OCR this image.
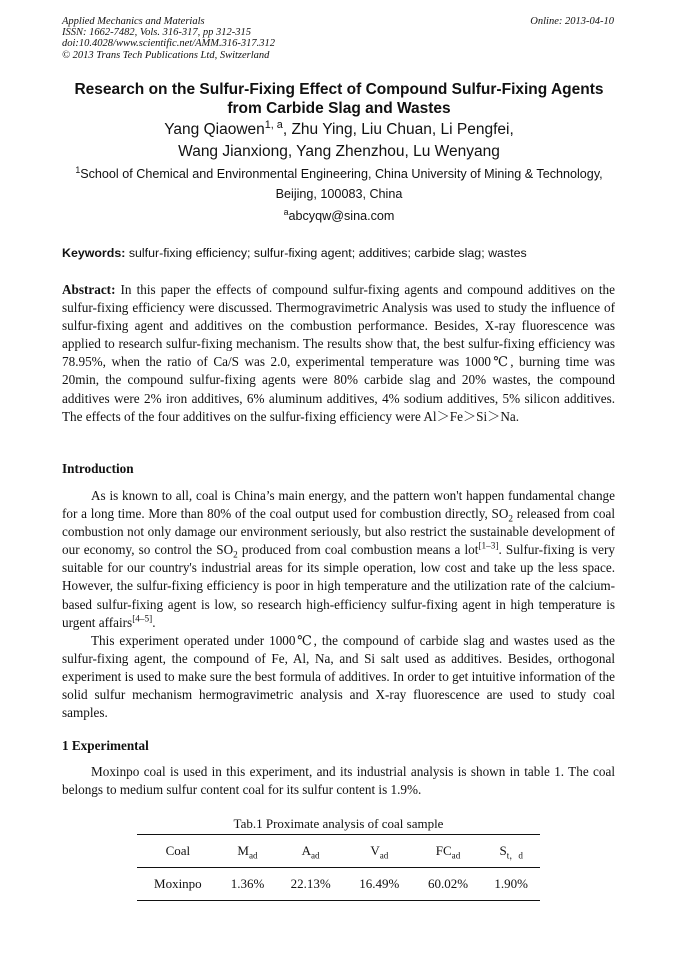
Applied Mechanics and Materials
ISSN: 1662-7482, Vols. 316-317, pp 312-315
doi:10.4028/www.scientific.net/AMM.316-317.312
© 2013 Trans Tech Publications Ltd, Switzerland
Online: 2013-04-10
Research on the Sulfur-Fixing Effect of Compound Sulfur-Fixing Agents
from Carbide Slag and Wastes
Yang Qiaowen$^{1, a}$, Zhu Ying, Liu Chuan, Li Pengfei,
Wang Jianxiong, Yang Zhenzhou, Lu Wenyang
$^1$School of Chemical and Environmental Engineering, China University of Mining & Technology,
Beijing, 100083, China
$^a$abcyqw@sina.com
Keywords: sulfur-fixing efficiency; sulfur-fixing agent; additives; carbide slag; wastes

Abstract: In this paper the effects of compound sulfur-fixing agents and compound additives on the sulfur-fixing efficiency were discussed. Thermogravimetric Analysis was used to study the influence of sulfur-fixing agent and additives on the combustion performance. Besides, X-ray fluorescence was applied to research sulfur-fixing mechanism. The results show that, the best sulfur-fixing efficiency was 78.95%, when the ratio of Ca/S was 2.0, experimental temperature was 1000℃, burning time was 20min, the compound sulfur-fixing agents were 80% carbide slag and 20% wastes, the compound additives were 2% iron additives, 6% aluminum additives, 4% sodium additives, 5% silicon additives. The effects of the four additives on the sulfur-fixing efficiency were Al＞Fe＞Si＞Na.

Introduction

As is known to all, coal is China’s main energy, and the pattern won't happen fundamental change for a long time. More than 80% of the coal output used for combustion directly, $SO_2$ released from coal combustion not only damage our environment seriously, but also restrict the sustainable development of our economy, so control the $SO_2$ produced from coal combustion means a lot[1–3]. Sulfur-fixing is very suitable for our country's industrial areas for its simple operation, low cost and take up the less space. However, the sulfur-fixing efficiency is poor in high temperature and the utilization rate of the calcium-based sulfur-fixing agent is low, so research high-efficiency sulfur-fixing agent in high temperature is urgent affairs[4–5].

This experiment operated under 1000℃, the compound of carbide slag and wastes used as the sulfur-fixing agent, the compound of Fe, Al, Na, and Si salt used as additives. Besides, orthogonal experiment is used to make sure the best formula of additives. In order to get intuitive information of the solid sulfur mechanism hermogravimetric analysis and X-ray fluorescence are used to study coal samples.

1 Experimental

Moxinpo coal is used in this experiment, and its industrial analysis is shown in table 1. The coal belongs to medium sulfur content coal for its sulfur content is 1.9%.

Tab.1 Proximate analysis of coal sample
Coal	$M_{ad}$	$A_{ad}$	$V_{ad}$	$FC_{ad}$	$S_{t,d}$
Moxinpo	1.36%	22.13%	16.49%	60.02%	1.90%
